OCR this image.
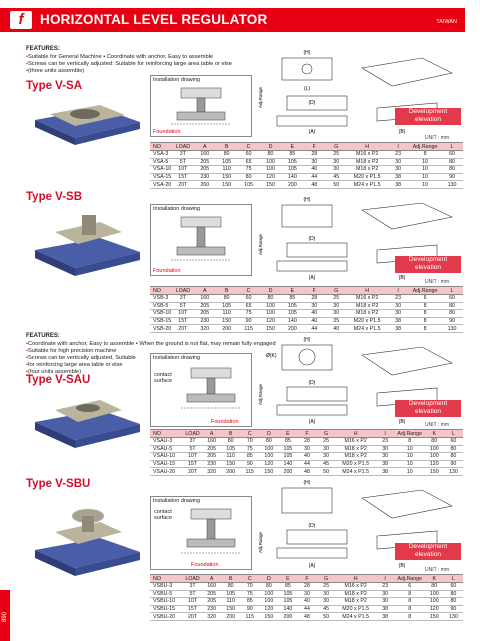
f	HORIZONTAL LEVEL REGULATOR	TAIWAN
890
FEATURES:
• Suitable for General Machine • Coordinate with anchor, Easy to assemble
• Screws can be vertically adjusted: Suitable for reinforcing large area table or else
• (three units assemble)
Type V-SA	Installation drawing
Foundation
(H)
(L)
(D)
(A)	(B)
Adj.Range
Development elevation
UNIT : mm
NO	LOAD	A	B	C	D	E	F	G	H	I	Adj.Range	L
VSA-3	3T	160	80	60	80	85	28	25	M16 x P2	23	8	60
VSA-5	5T	205	105	65	100	105	30	30	M18 x P2	30	10	80
VSA-10	10T	205	110	75	100	105	40	30	M18 x P2	30	10	80
VSA-15	15T	230	150	80	120	140	44	45	M20 x P1.5	38	10	90
VSA-20	20T	260	150	105	150	200	48	50	M24 x P1.5	38	10	130
Type V-SB
Installation drawing
Foundation
(H)
(D)
(A)	(B)
Adj.Range
Development elevation
UNIT : mm
NO	LOAD	A	B	C	D	E	F	G	H	I	Adj.Range	L
VSB-3	3T	160	80	60	80	85	28	25	M16 x P2	23	6	60
VSB-5	5T	205	105	65	100	105	30	30	M18 x P2	30	8	80
VSB-10	10T	205	110	75	100	105	40	30	M18 x P2	30	8	80
VSB-15	15T	230	150	90	120	140	40	35	M20 x P1.5	38	8	90
VSB-20	20T	320	200	115	150	200	44	40	M24 x P1.5	38	8	130
FEATURES:
• Coordinate with anchor, Easy to assemble • When the ground is not flat, may remain fully engaged
• Suitable for high precision machine
• Screws can be vertically adjusted, Suitable
• for reinforcing large area table or else
• (four units assemble)
Type V-SAU
Installation drawing
contact surface
Foundation
(H)
Ø(K)
(D)
(A)	(B)
Adj.Range	Development elevation
UNIT : mm
NO	LOAD	A	B	C	D	E	F	G	H	I	Adj.Range	K	L
VSAU-3	3T	160	80	70	80	85	28	25	M16 x P2	23	8	80	60
VSAU-5	5T	205	105	75	100	105	30	30	M18 x P2	30	10	100	80
VSAU-10	10T	205	110	85	100	105	40	30	M18 x P2	30	10	100	80
VSAU-15	15T	230	150	90	120	140	44	45	M20 x P1.5	38	10	120	90
VSAU-20	20T	320	200	115	150	200	48	50	M24 x P1.5	38	10	150	130
Type V-SBU
Installation drawing
contact surface
Foundation
(H)
(D)
(A)	(B)
Adj.Range	Development elevation
UNIT : mm
NO	LOAD	A	B	C	D	E	F	G	H	I	Adj.Range	K	L
VSBU-3	3T	160	80	70	80	85	28	25	M16 x P2	23	6	80	60
VSBU-5	5T	205	105	75	100	105	30	30	M18 x P2	30	8	100	80
VSBU-10	10T	205	110	85	100	105	40	30	M18 x P2	30	8	100	80
VSBU-15	15T	230	150	90	120	140	44	45	M20 x P1.5	38	8	120	90
VSBU-20	20T	320	200	115	150	200	48	50	M24 x P1.5	38	8	150	130
